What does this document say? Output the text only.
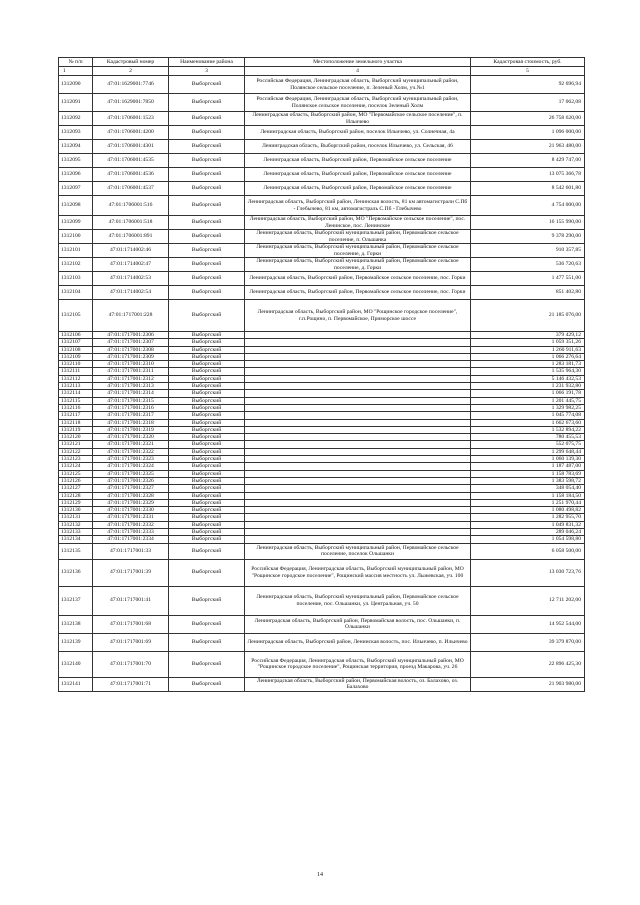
№ п/п	Кадастровый номер	Наименование района	Местоположение земельного участка	Кадастровая стоимость, руб.
1	2	3	4	5
1312090	47:01:1629001:7746	Выборгский	Российская Федерация, Ленинградская область, Выборгский муниципальный район, Полянское сельское поселение, п. Зеленый Холм, уч.№1	92 696,94
1312091	47:01:1629001:7850	Выборгский	Российская Федерация, Ленинградская область, Выборгский муниципальный район, Полянское сельское поселение, поселок Зеленый Холм	17 062,08
1312092	47:01:1706001:1523	Выборгский	Ленинградская область, Выборгский район, МО "Первомайское сельское поселение", п. Ильичево	26 758 620,00
1312093	47:01:1706001:4200	Выборгский	Ленинградская область, Выборгский район, поселок Ильичево, ул. Солнечная, 4а	1 096 000,00
1312094	47:01:1706001:4301	Выборгский	Ленинградская область, Выборгский район, поселок Ильичево, ул. Сельская, 46	21 963 480,00
1312095	47:01:1706001:4535	Выборгский	Ленинградская область, Выборгский район, Первомайское сельское поселение	8 429 747,00
1312096	47:01:1706001:4536	Выборгский	Ленинградская область, Выборгский район, Первомайское сельское поселение	13 075 366,78
1312097	47:01:1706001:4537	Выборгский	Ленинградская область, Выборгский район, Первомайское сельское поселение	8 542 601,80
1312098	47:01:1706001:516	Выборгский	Ленинградская область, Выборгский район, Ленинская волость, 81 км автомагистрали С.Пб - Глебычево, 81 км, автомагистраль С.Пб - Глебычево	4 754 000,00
1312099	47:01:1706001:518	Выборгский	Ленинградская область, Выборгский район, МО "Первомайское сельское поселение", пос. Ленинское, пос. Ленинское	16 155 990,00
1312100	47:01:1706001:891	Выборгский	Ленинградская область, Выборгский муниципальный район, Первомайское сельское поселение, п. Ольшанка	9 378 290,00
1312101	47:01:1714002:46	Выборгский	Ленинградская область, Выборгский муниципальный район, Первомайское сельское поселение, д. Горки	910 357,85
1312102	47:01:1714002:47	Выборгский	Ленинградская область, Выборгский муниципальный район, Первомайское сельское поселение, д. Горки	536 720,63
1312103	47:01:1714002:53	Выборгский	Ленинградская область, Выборгский район, Первомайское сельское поселение, пос. Горки	1 477 551,00
1312104	47:01:1714002:54	Выборгский	Ленинградская область, Выборгский район, Первомайское сельское поселение, пос. Горки	851 402,80
1312105	47:01:1717001:228	Выборгский	Ленинградская область, Выборгский район, МО "Рощинское городское поселение", г.п.Рощино, п. Первомайское, Приморское шоссе	21 185 076,00
1312106	47:01:1717001:2306	Выборгский		379 429,12
1312107	47:01:1717001:2307	Выборгский		1 059 351,26
1312108	47:01:1717001:2308	Выборгский		1 260 911,63
1312109	47:01:1717001:2309	Выборгский		1 066 276,64
1312110	47:01:1717001:2310	Выборгский		1 283 181,73
1312111	47:01:1717001:2311	Выборгский		1 535 964,30
1312112	47:01:1717001:2312	Выборгский		5 146 432,53
1312113	47:01:1717001:2313	Выборгский		1 231 932,80
1312114	47:01:1717001:2314	Выборгский		1 066 191,78
1312115	47:01:1717001:2315	Выборгский		1 201 445,75
1312116	47:01:1717001:2316	Выборгский		1 329 982,25
1312117	47:01:1717001:2317	Выборгский		1 045 774,08
1312118	47:01:1717001:2318	Выборгский		1 662 673,60
1312119	47:01:1717001:2319	Выборгский		1 532 894,22
1312120	47:01:1717001:2320	Выборгский		780 455,53
1312121	47:01:1717001:2321	Выборгский		552 075,75
1312122	47:01:1717001:2322	Выборгский		1 299 648,44
1312123	47:01:1717001:2323	Выборгский		1 060 139,30
1312124	47:01:1717001:2324	Выборгский		1 187 487,00
1312125	47:01:1717001:2325	Выборгский		1 158 783,69
1312126	47:01:1717001:2326	Выборгский		1 383 598,72
1312127	47:01:1717001:2327	Выборгский		348 054,40
1312128	47:01:1717001:2328	Выборгский		1 158 184,50
1312129	47:01:1717001:2329	Выборгский		1 251 970,44
1312130	47:01:1717001:2330	Выборгский		1 080 498,82
1312131	47:01:1717001:2331	Выборгский		1 282 955,70
1312132	47:01:1717001:2332	Выборгский		1 049 831,32
1312133	47:01:1717001:2333	Выборгский		289 046,24
1312134	47:01:1717001:2334	Выборгский		1 054 598,80
1312135	47:01:1717001:33	Выборгский	Ленинградская область, Выборгский муниципальный район, Первомайское сельское поселение, поселок Ольшанки	6 058 500,00
1312136	47:01:1717001:39	Выборгский	Российская Федерация, Ленинградская область, Выборгский муниципальный район, МО "Рощинское городское поселение", Рощинский массив местность ул. Лыжевская, уч. 100	13 030 723,76
1312137	47:01:1717001:41	Выборгский	Ленинградская область, Выборгский муниципальный район, Первомайское сельское поселение, пос. Ольшанки, ул. Центральная, уч. 50	12 711 202,00
1312138	47:01:1717001:68	Выборгский	Ленинградская область, Выборгский район, Первомайская волость, пос. Ольшанки, п. Ольшанки	14 952 544,00
1312139	47:01:1717001:69	Выборгский	Ленинградская область, Выборгский район, Ленинская волость, пос. Ильичево, п. Ильичево	39 379 870,00
1312140	47:01:1717001:70	Выборгский	Российская Федерация, Ленинградская область, Выборгский муниципальный район, МО "Рощинское городское поселение", Рощинская территория, проезд Макарова, уч. 26	22 896 425,30
1312141	47:01:1717001:71	Выборгский	Ленинградская область, Выборгский район, Первомайская волость, оз. Балахово, оз. Балахово	21 903 980,00
14
